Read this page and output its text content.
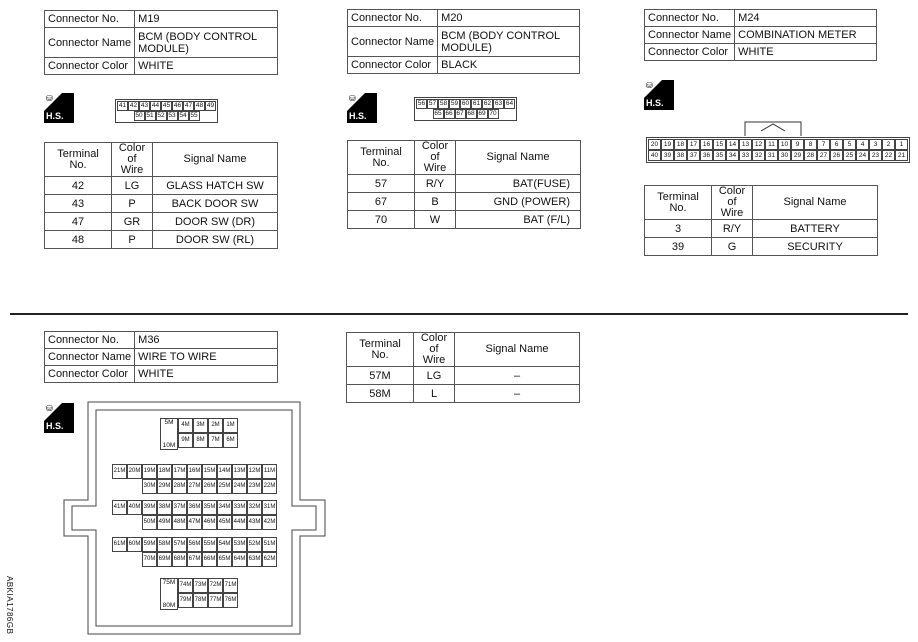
Connector No.	M19
Connector Name	BCM (BODY CONTROL MODULE)
Connector Color	WHITE
⛁
H.S.
41 42 43 44 45 46 47 48 49
50 51 52 53 54 55
Terminal No.	Color of Wire	Signal Name
42	LG	GLASS HATCH SW
43	P	BACK DOOR SW
47	GR	DOOR SW (DR)
48	P	DOOR SW (RL)
Connector No.	M20
Connector Name	BCM (BODY CONTROL MODULE)
Connector Color	BLACK
⛁
H.S.
56 57 58 59 60 61 62 63 64
65 66 67 68 69 70
Terminal No.	Color of Wire	Signal Name
57	R/Y	BAT(FUSE)
67	B	GND (POWER)
70	W	BAT (F/L)
Connector No.	M24
Connector Name	COMBINATION METER
Connector Color	WHITE
⛁
H.S.
20 19 18 17 16 15 14 13 12 11 10	9	8	7	6	5	4	3	2	1
40 39 38 37 36 35 34 33 32 31 30 29 28 27 26 25 24 23 22 21
Terminal No.	Color of Wire	Signal Name
3	R/Y	BATTERY
39	G	SECURITY
Connector No.	M36
Connector Name	WIRE TO WIRE
Connector Color	WHITE
⛁
H.S.	5M
10M
4M	3M	2M	1M
9M	8M	7M	6M
21M 20M 19M 18M 17M 16M 15M 14M 13M 12M 11M
30M 29M 28M 27M 26M 25M 24M 23M 22M
41M 40M 39M 38M 37M 36M 35M 34M 33M 32M 31M
50M 49M 48M 47M 46M 45M 44M 43M 42M
61M 60M 59M 58M 57M 56M 55M 54M 53M 52M 51M
70M 69M 68M 67M 66M 65M 64M 63M 62M
75M
80M
74M 73M 72M 71M
79M 78M 77M 76M
Terminal No.	Color of Wire	Signal Name
57M	LG	–
58M	L	–
ABKIA1786GB
